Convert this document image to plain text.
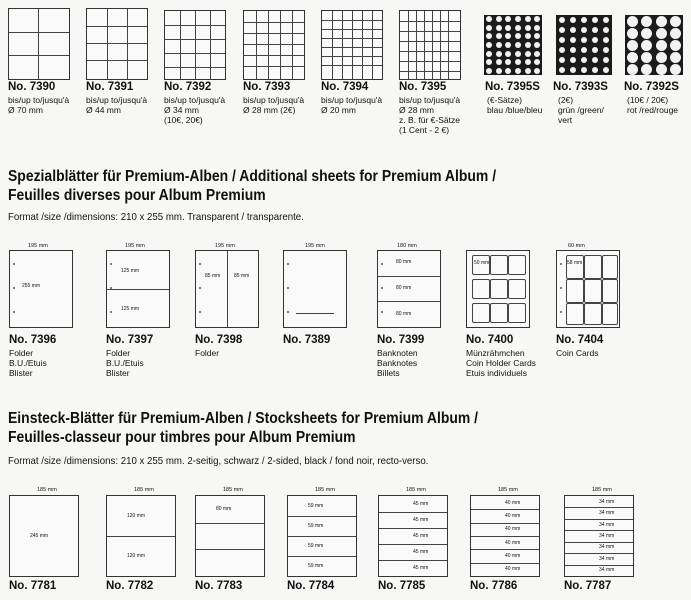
No. 7390
bis/up to/jusqu'à
Ø 70 mm
No. 7391
bis/up to/jusqu'à
Ø 44 mm
No. 7392
bis/up to/jusqu'à
Ø 34 mm
(10€, 20€)
No. 7393
bis/up to/jusqu'à
Ø 28 mm (2€)
No. 7394
bis/up to/jusqu'à
Ø 20 mm
No. 7395
bis/up to/jusqu'à
Ø 28 mm
z. B. für €-Sätze
(1 Cent - 2 €)
No. 7395S
(€-Sätze)
blau /blue/bleu
No. 7393S
(2€)
grün /green/
vert
No. 7392S
(10€ / 20€)
rot /red/rouge
Spezialblätter für Premium-Alben / Additional sheets for Premium Album /
Feuilles diverses pour Album Premium
Format /size /dimensions: 210 x 255 mm. Transparent / transparente.
255 mm
195 mm
125 mm
125 mm
195 mm
85 mm	85 mm
195 mm	195 mm
80 mm
80 mm
80 mm
180 mm
50 mm	58 mm
60 mm
No. 7396
Folder
B.U./Etuis
Blister
No. 7397
Folder
B.U./Etuis
Blister
No. 7398
Folder
No. 7389	No. 7399
Banknoten
Banknotes
Billets
No. 7400
Münzrähmchen
Coin Holder Cards
Etuis individuels
No. 7404
Coin Cards
Einsteck-Blätter für Premium-Alben / Stocksheets for Premium Album /
Feuilles-classeur pour timbres pour Album Premium
Format /size /dimensions: 210 x 255 mm. 2-seitig, schwarz / 2-sided, black / fond noir, recto-verso.
245 mm
185 mm
No. 7781
120 mm
120 mm
185 mm
No. 7782
80 mm
185 mm
No. 7783
59 mm
59 mm
59 mm
59 mm
185 mm
No. 7784
45 mm
45 mm
45 mm
45 mm
45 mm
185 mm
No. 7785
40 mm
40 mm
40 mm
40 mm
40 mm
40 mm
185 mm
No. 7786
34 mm
34 mm
34 mm
34 mm
34 mm
34 mm
34 mm
185 mm
No. 7787
